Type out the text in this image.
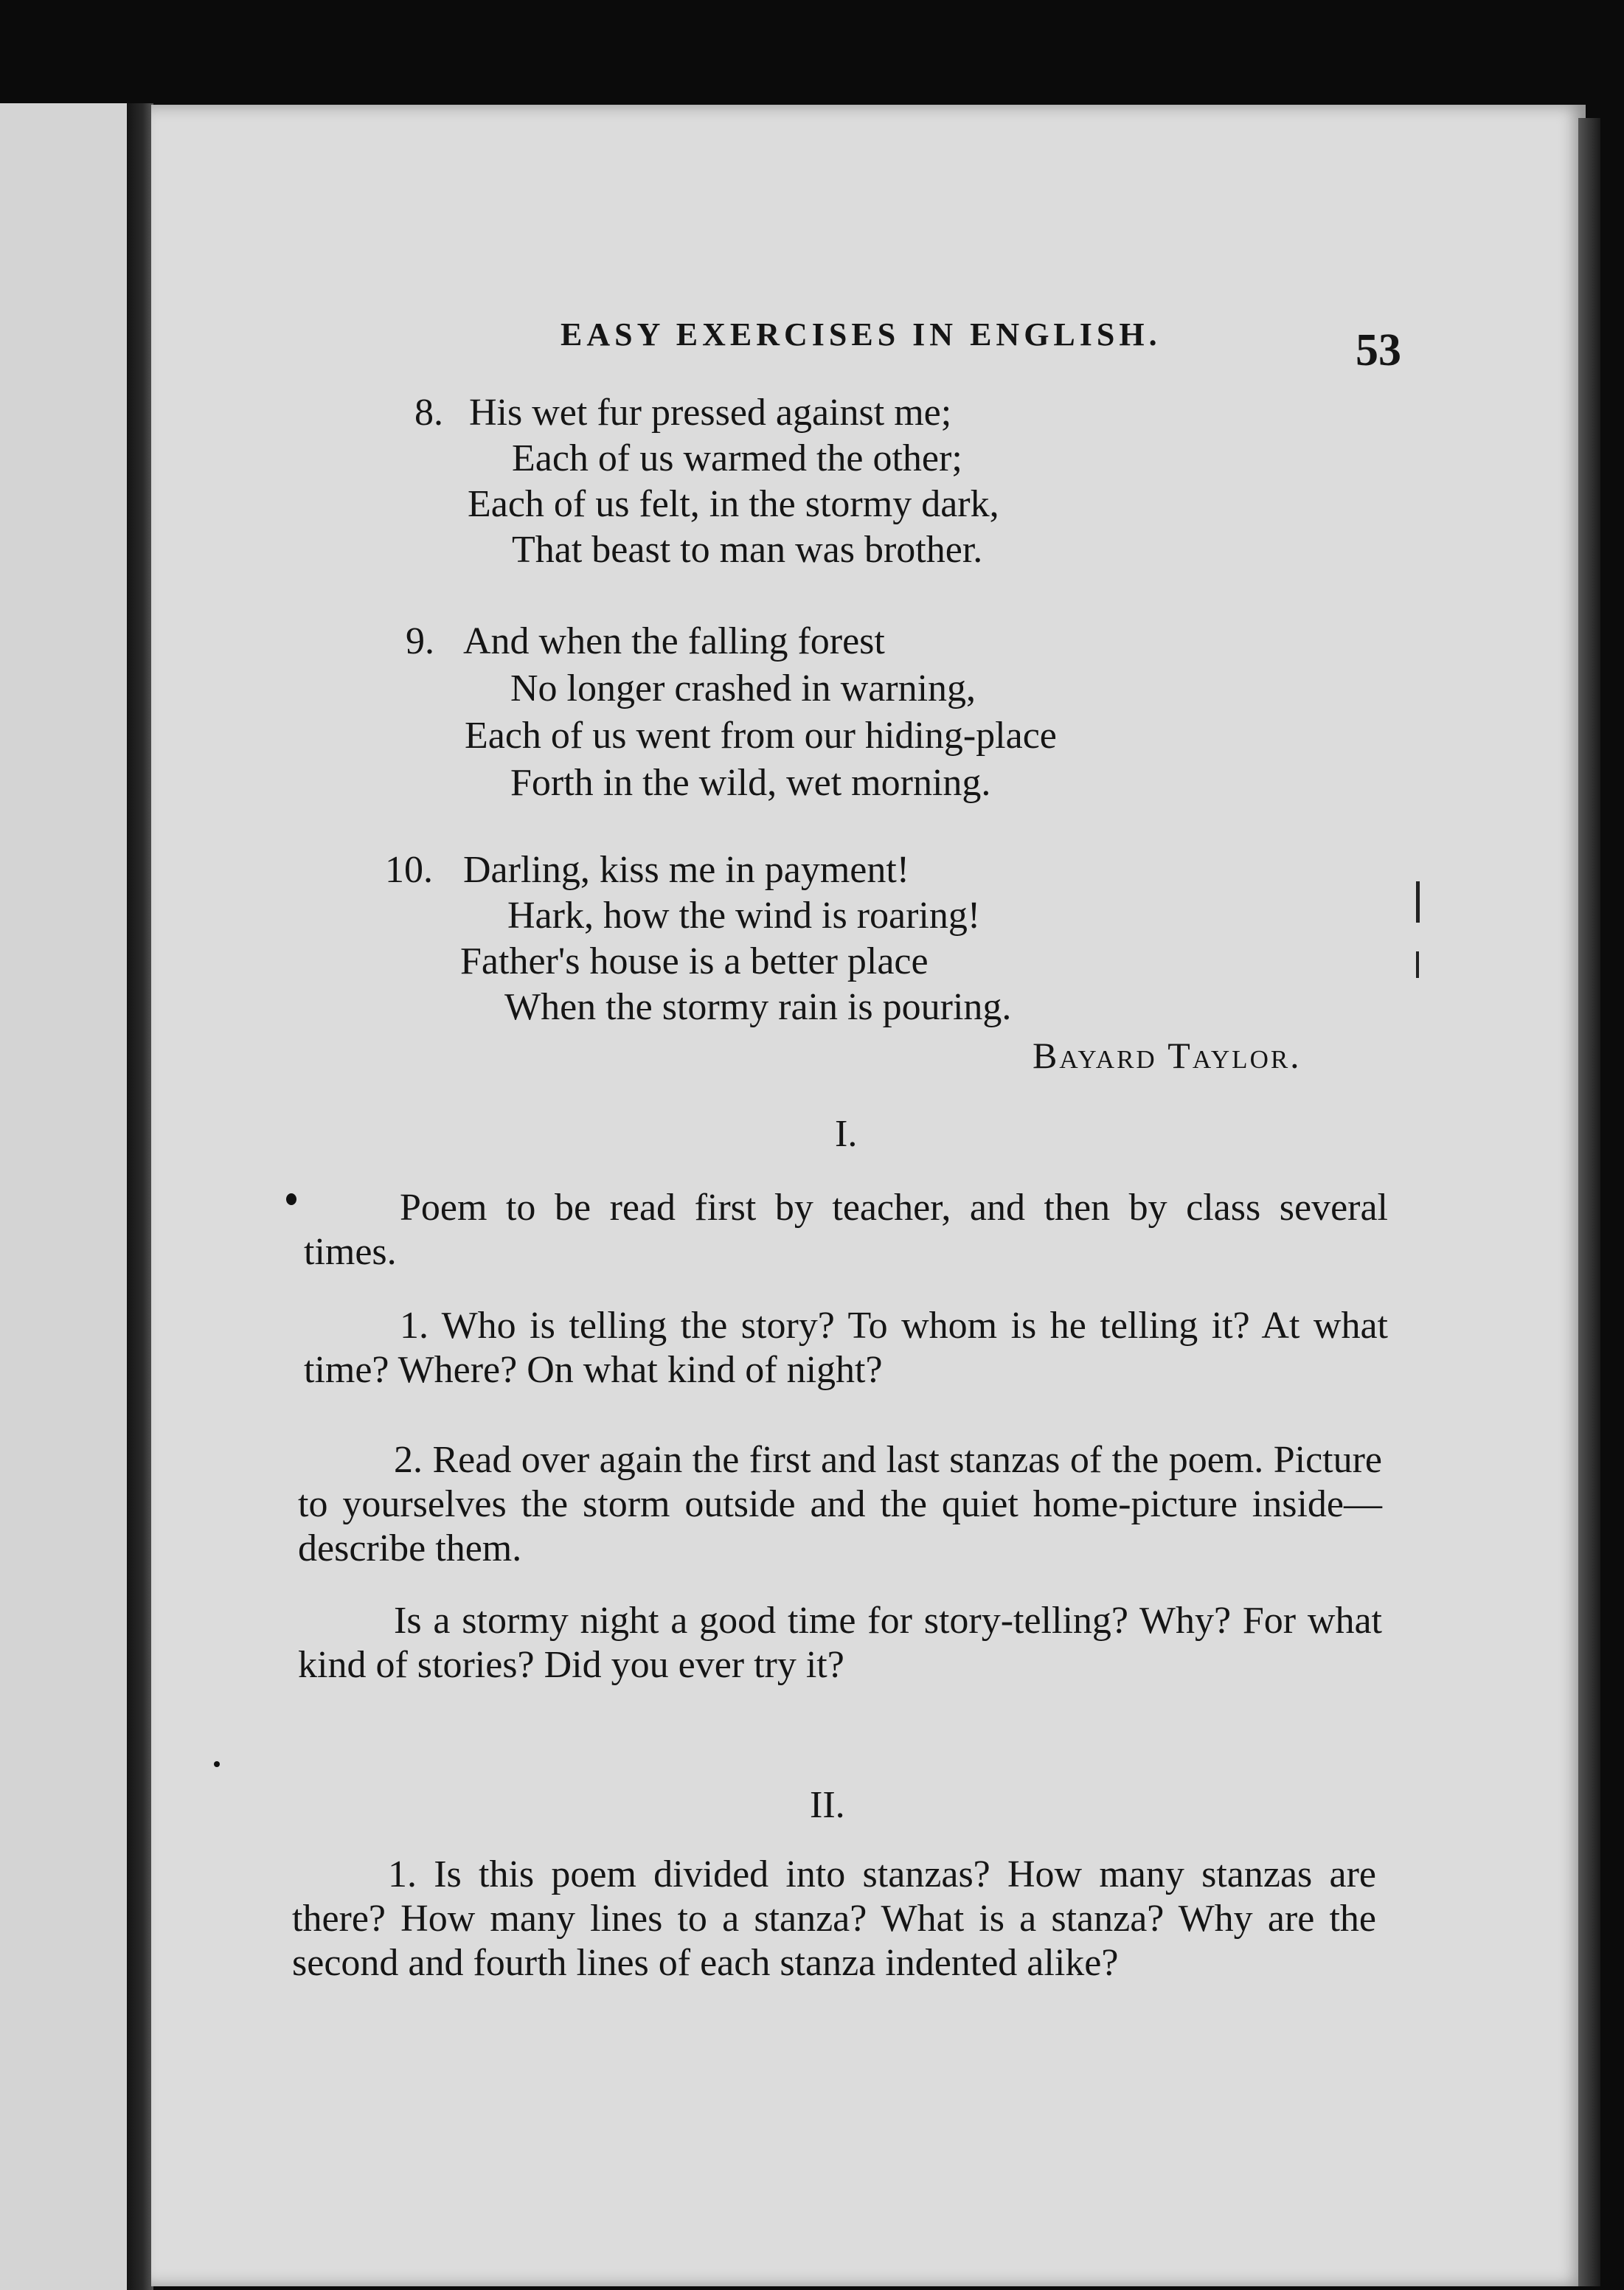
EASY EXERCISES IN ENGLISH.	53
8. His wet fur pressed against me;
Each of us warmed the other;
Each of us felt, in the stormy dark,
That beast to man was brother.
9. And when the falling forest
No longer crashed in warning,
Each of us went from our hiding-place
Forth in the wild, wet morning.
10. Darling, kiss me in payment!
Hark, how the wind is roaring!
Father's house is a better place
When the stormy rain is pouring.
Bayard Taylor.
I.
Poem to be read first by teacher, and then by class several times.
1. Who is telling the story? To whom is he telling it? At what time? Where? On what kind of night?
2. Read over again the first and last stanzas of the poem. Picture to yourselves the storm outside and the quiet home-picture inside—describe them.
Is a stormy night a good time for story-telling? Why? For what kind of stories? Did you ever try it?
II.
1. Is this poem divided into stanzas? How many stanzas are there? How many lines to a stanza? What is a stanza? Why are the second and fourth lines of each stanza indented alike?
